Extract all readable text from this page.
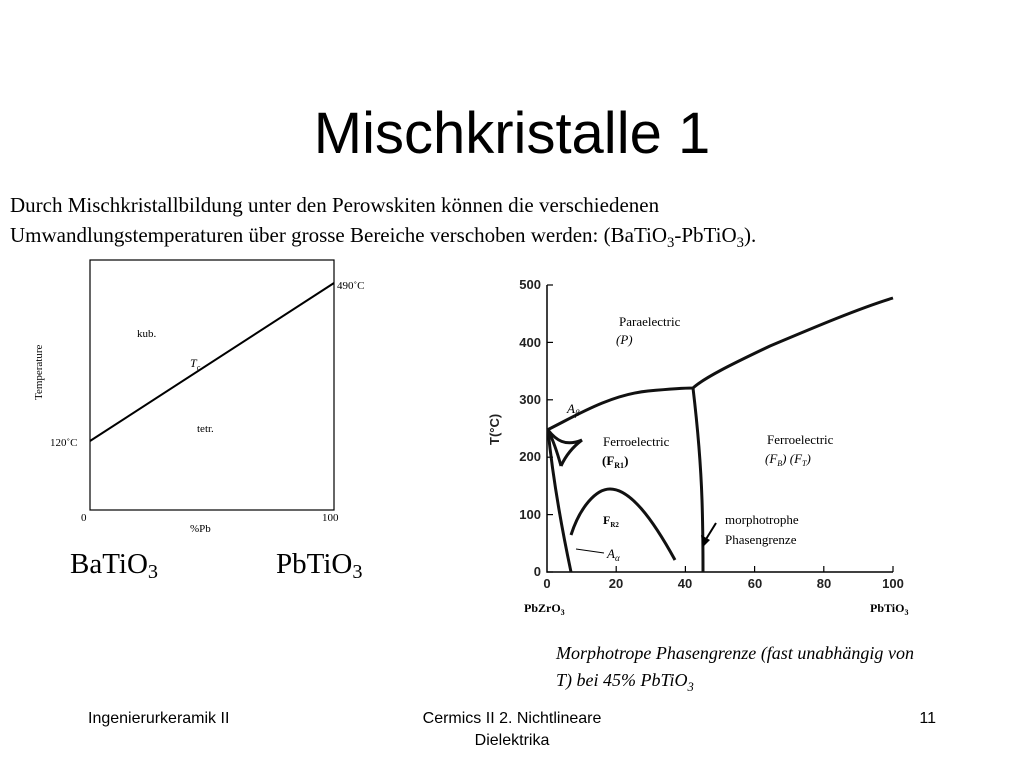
Mischkristalle 1
Durch Mischkristallbildung unter den Perowskiten können die verschiedenen
Umwandlungstemperaturen über grosse Bereiche verschoben werden: (BaTiO$_3$-PbTiO$_3$).
Temperature
490˚C
120˚C
kub.
tetr.
$T_c$
0	100
%Pb
0
100
200
300
400
500
0	20	40	60	80	100
T(°C)
Paraelectric
(P)
$A_\beta$
Ferroelectric
$(F_{R1})$
Ferroelectric
$(F_B)$ $(F_T)$
$F_{R2}$
$A_\alpha$
PbZrO$_3$	PbTiO$_3$
morphotrophe
Phasengrenze
BaTiO$_3$	PbTiO$_3$
Morphotrope Phasengrenze (fast unabhängig von T) bei 45% PbTiO$_3$
Ingenierurkeramik II	Cermics II 2. Nichtlineare
Dielektrika
11
